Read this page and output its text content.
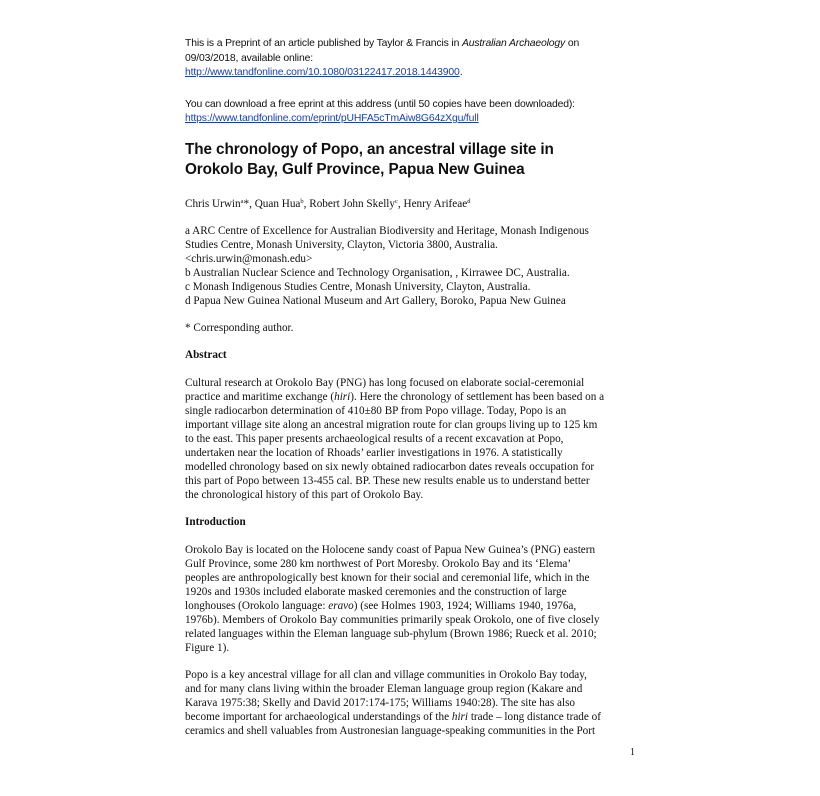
This is a Preprint of an article published by Taylor & Francis in Australian Archaeology on

09/03/2018, available online:

http://www.tandfonline.com/10.1080/03122417.2018.1443900.

You can download a free eprint at this address (until 50 copies have been downloaded):

https://www.tandfonline.com/eprint/pUHFA5cTmAiw8G64zXgu/full

The chronology of Popo, an ancestral village site in

Orokolo Bay, Gulf Province, Papua New Guinea

Chris Urwin$^a$*, Quan Hua$^b$, Robert John Skelly$^c$, Henry Arifeae$^d$

a ARC Centre of Excellence for Australian Biodiversity and Heritage, Monash Indigenous

Studies Centre, Monash University, Clayton, Victoria 3800, Australia.

<chris.urwin@monash.edu>

b Australian Nuclear Science and Technology Organisation, , Kirrawee DC, Australia.

c Monash Indigenous Studies Centre, Monash University, Clayton, Australia.

d Papua New Guinea National Museum and Art Gallery, Boroko, Papua New Guinea

* Corresponding author.

Abstract

Cultural research at Orokolo Bay (PNG) has long focused on elaborate social-ceremonial

practice and maritime exchange (hiri). Here the chronology of settlement has been based on a

single radiocarbon determination of 410±80 BP from Popo village. Today, Popo is an

important village site along an ancestral migration route for clan groups living up to 125 km

to the east. This paper presents archaeological results of a recent excavation at Popo,

undertaken near the location of Rhoads’ earlier investigations in 1976. A statistically

modelled chronology based on six newly obtained radiocarbon dates reveals occupation for

this part of Popo between 13-455 cal. BP. These new results enable us to understand better

the chronological history of this part of Orokolo Bay.

Introduction

Orokolo Bay is located on the Holocene sandy coast of Papua New Guinea’s (PNG) eastern

Gulf Province, some 280 km northwest of Port Moresby. Orokolo Bay and its ‘Elema’

peoples are anthropologically best known for their social and ceremonial life, which in the

1920s and 1930s included elaborate masked ceremonies and the construction of large

longhouses (Orokolo language: eravo) (see Holmes 1903, 1924; Williams 1940, 1976a,

1976b). Members of Orokolo Bay communities primarily speak Orokolo, one of five closely

related languages within the Eleman language sub-phylum (Brown 1986; Rueck et al. 2010;

Figure 1).

Popo is a key ancestral village for all clan and village communities in Orokolo Bay today,

and for many clans living within the broader Eleman language group region (Kakare and

Karava 1975:38; Skelly and David 2017:174-175; Williams 1940:28). The site has also

become important for archaeological understandings of the hiri trade – long distance trade of

ceramics and shell valuables from Austronesian language-speaking communities in the Port

1
